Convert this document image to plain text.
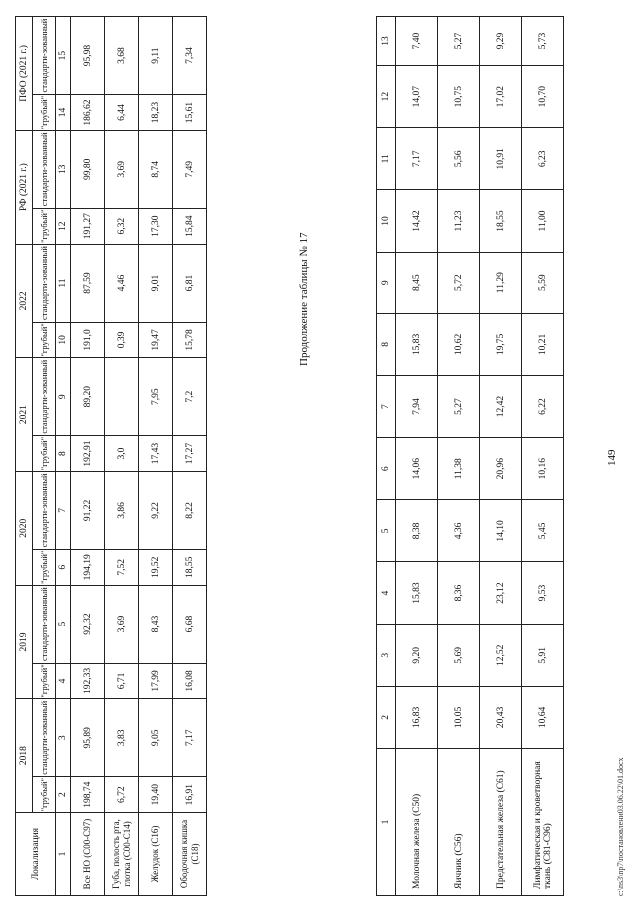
Локализация	2018		2019		2020		2021		2022		РФ (2021 г.)		ПФО (2021 г.)	
	"грубый"	стандарти-зованный	"грубый"	стандарти-зованный	"грубый"	стандарти-зованный	"грубый"	стандарти-зованный	"грубый"	стандарти-зованный	"грубый"	стандарти-зованный	"грубый"	стандарти-зованный
1	2	3	4	5	6	7	8	9	10	11	12	13	14	15
Все НО (С00-С97)	198,74	95,89	192,33	92,32	194,19	91,22	192,91	89,20	191,0	87,59	191,27	99,80	186,62	95,98
Губа, полость рта, глотка (С00-С14)	6,72	3,83	6,71	3,69	7,52	3,86	3,0		0,39	4,46	6,32	3,69	6,44	3,68
Желудок (С16)	19,40	9,05	17,99	8,43	19,52	9,22	17,43	7,95	19,47	9,01	17,30	8,74	18,23	9,11
Ободочная кишка (С18)	16,91	7,17	16,08	6,68	18,55	8,22	17,27	7,2	15,78	6,81	15,84	7,49	15,61	7,34
Продолжение таблицы № 17
1	2	3	4	5	6	7	8	9	10	11	12	13
Молочная железа (С50)	16,83	9,20	15,83	8,38	14,06	7,94	15,83	8,45	14,42	7,17	14,07	7,40
Яичник (С56)	10,05	5,69	8,36	4,36	11,38	5,27	10,62	5,72	11,23	5,56	10,75	5,27
Предстательная железа (С61)	20,43	12,52	23,12	14,10	20,96	12,42	19,75	11,29	18,55	10,91	17,02	9,29
Лимфатическая и кроветворная ткань (С81-С96)	10,64	5,91	9,53	5,45	10,16	6,22	10,21	5,59	11,00	6,23	10,70	5,73
149
c:\ns3\np7\постановлени03.06.22\01.docx
